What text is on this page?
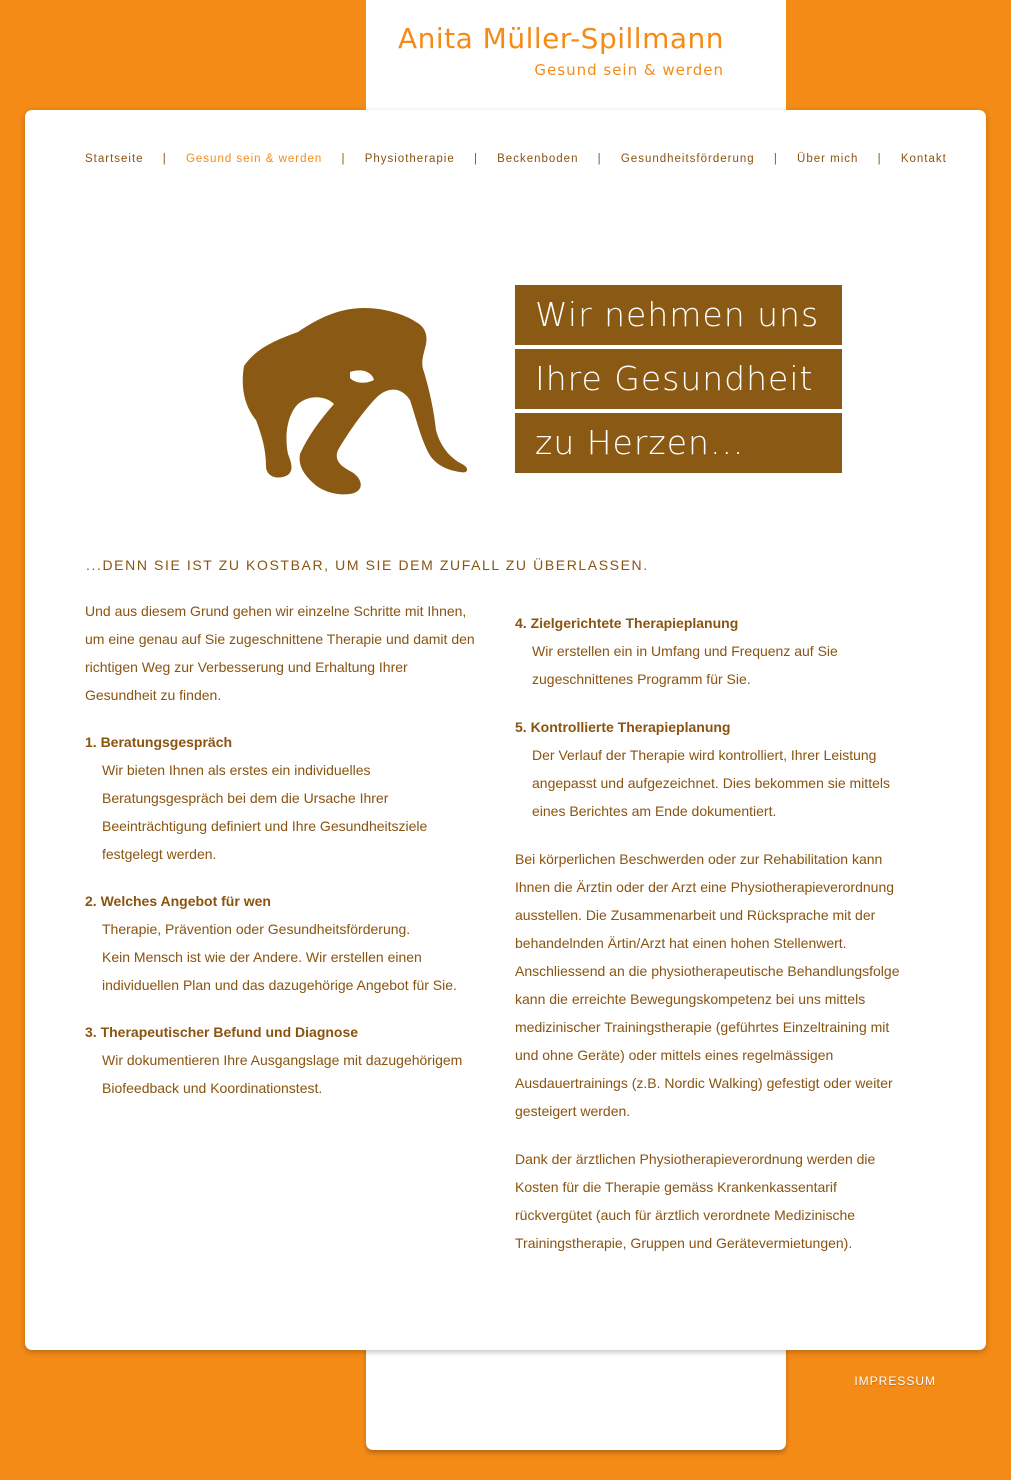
Anita Müller-Spillmann

Gesund sein & werden

Startseite | Gesund sein & werden | Physiotherapie | Beckenboden | Gesundheitsförderung | Über mich | Kontakt
Wir nehmen uns
Ihre Gesundheit
zu Herzen...
...DENN SIE IST ZU KOSTBAR, UM SIE DEM ZUFALL ZU ÜBERLASSEN.

Und aus diesem Grund gehen wir einzelne Schritte mit Ihnen, um eine genau auf Sie zugeschnittene Therapie und damit den richtigen Weg zur Verbesserung und Erhaltung Ihrer Gesundheit zu finden.

1. Beratungsgespräch

Wir bieten Ihnen als erstes ein individuelles Beratungsgespräch bei dem die Ursache Ihrer Beeinträchtigung definiert und Ihre Gesundheitsziele festgelegt werden.

2. Welches Angebot für wen

Therapie, Prävention oder Gesundheitsförderung.

Kein Mensch ist wie der Andere. Wir erstellen einen individuellen Plan und das dazugehörige Angebot für Sie.

3. Therapeutischer Befund und Diagnose

Wir dokumentieren Ihre Ausgangslage mit dazugehörigem Biofeedback und Koordinationstest.

4. Zielgerichtete Therapieplanung

Wir erstellen ein in Umfang und Frequenz auf Sie zugeschnittenes Programm für Sie.

5. Kontrollierte Therapieplanung

Der Verlauf der Therapie wird kontrolliert, Ihrer Leistung angepasst und aufgezeichnet. Dies bekommen sie mittels eines Berichtes am Ende dokumentiert.

Bei körperlichen Beschwerden oder zur Rehabilitation kann Ihnen die Ärztin oder der Arzt eine Physiotherapieverordnung ausstellen. Die Zusammenarbeit und Rücksprache mit der behandelnden Ärtin/Arzt hat einen hohen Stellenwert.

Anschliessend an die physiotherapeutische Behandlungsfolge kann die erreichte Bewegungskompetenz bei uns mittels medizinischer Trainingstherapie (geführtes Einzeltraining mit und ohne Geräte) oder mittels eines regelmässigen Ausdauertrainings (z.B. Nordic Walking) gefestigt oder weiter gesteigert werden.

Dank der ärztlichen Physiotherapieverordnung werden die Kosten für die Therapie gemäss Krankenkassentarif rückvergütet (auch für ärztlich verordnete Medizinische Trainingstherapie, Gruppen und Gerätevermietungen).

IMPRESSUM
